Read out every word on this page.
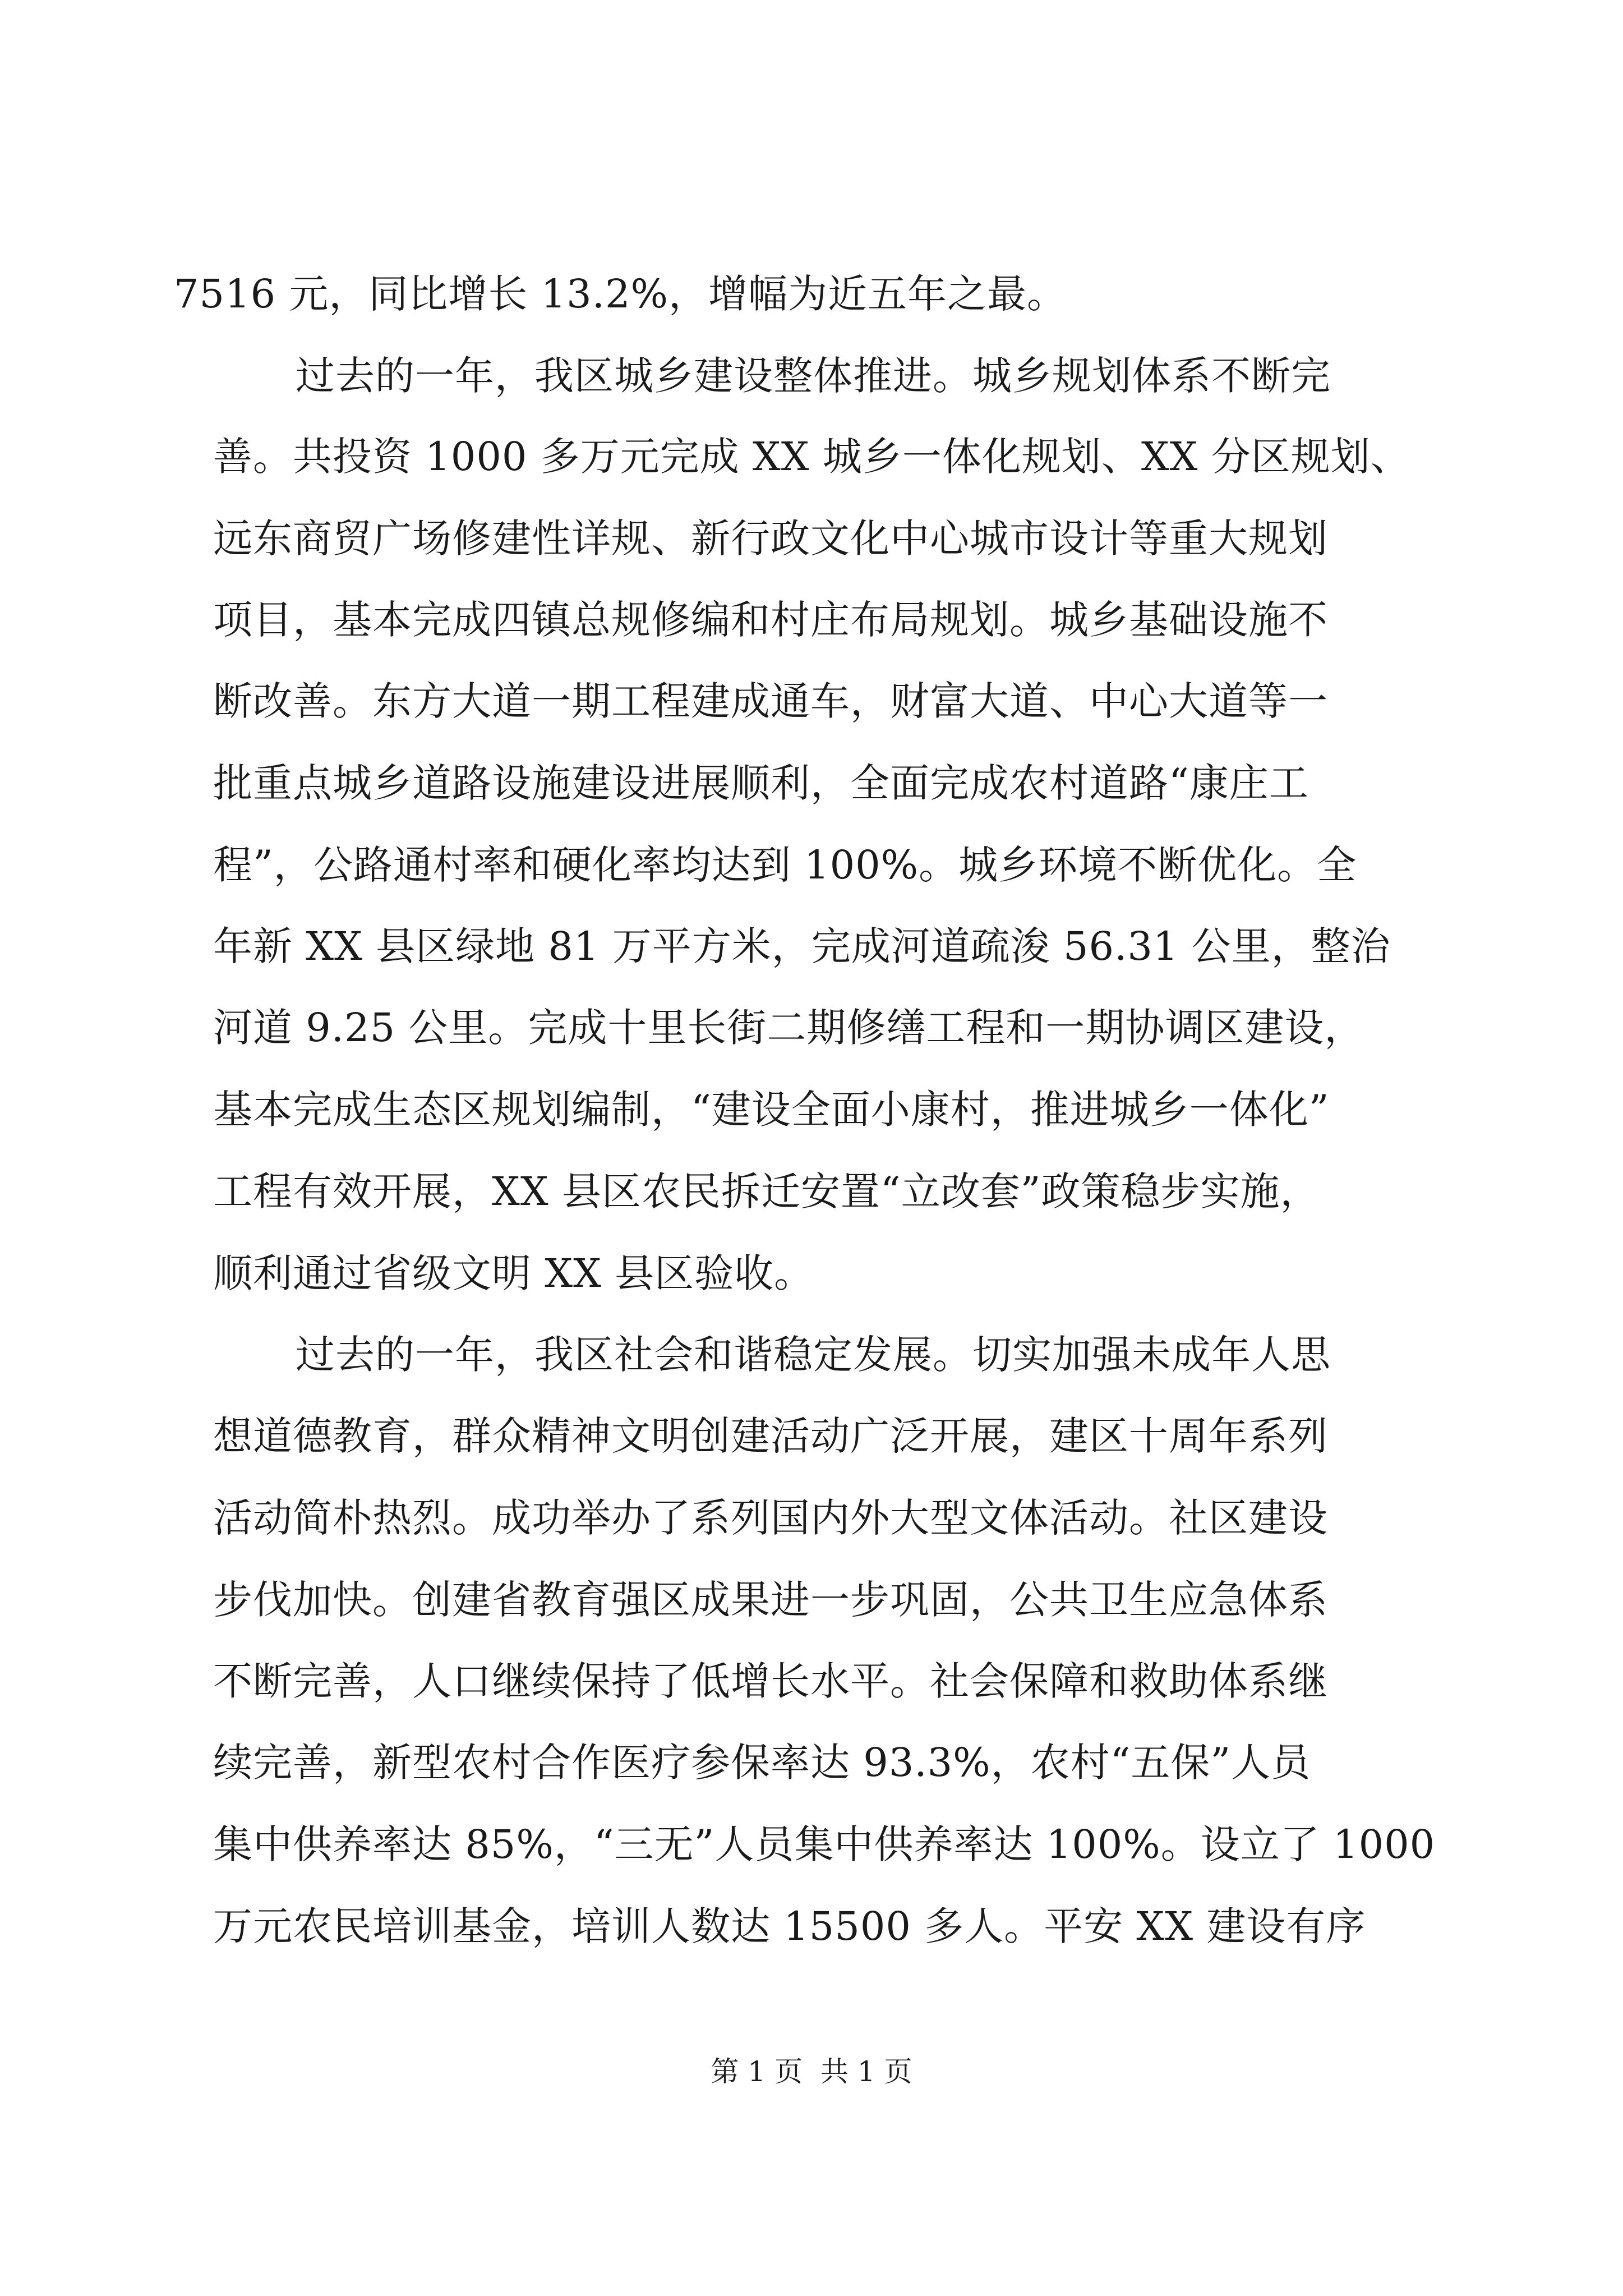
7516 元，同比增长 13.2%，增幅为近五年之最。
过去的一年，我区城乡建设整体推进。城乡规划体系不断完
善。共投资 1000 多万元完成 XX 城乡一体化规划、XX 分区规划、
远东商贸广场修建性详规、新行政文化中心城市设计等重大规划
项目，基本完成四镇总规修编和村庄布局规划。城乡基础设施不
断改善。东方大道一期工程建成通车，财富大道、中心大道等一
批重点城乡道路设施建设进展顺利，全面完成农村道路“康庄工
程”，公路通村率和硬化率均达到 100%。城乡环境不断优化。全
年新 XX 县区绿地 81 万平方米，完成河道疏浚 56.31 公里，整治
河道 9.25 公里。完成十里长街二期修缮工程和一期协调区建设，
基本完成生态区规划编制，“建设全面小康村，推进城乡一体化”
工程有效开展，XX 县区农民拆迁安置“立改套”政策稳步实施，
顺利通过省级文明 XX 县区验收。
过去的一年，我区社会和谐稳定发展。切实加强未成年人思
想道德教育，群众精神文明创建活动广泛开展，建区十周年系列
活动简朴热烈。成功举办了系列国内外大型文体活动。社区建设
步伐加快。创建省教育强区成果进一步巩固，公共卫生应急体系
不断完善，人口继续保持了低增长水平。社会保障和救助体系继
续完善，新型农村合作医疗参保率达 93.3%，农村“五保”人员
集中供养率达 85%，“三无”人员集中供养率达 100%。设立了 1000
万元农民培训基金，培训人数达 15500 多人。平安 XX 建设有序
第 1 页  共 1 页
